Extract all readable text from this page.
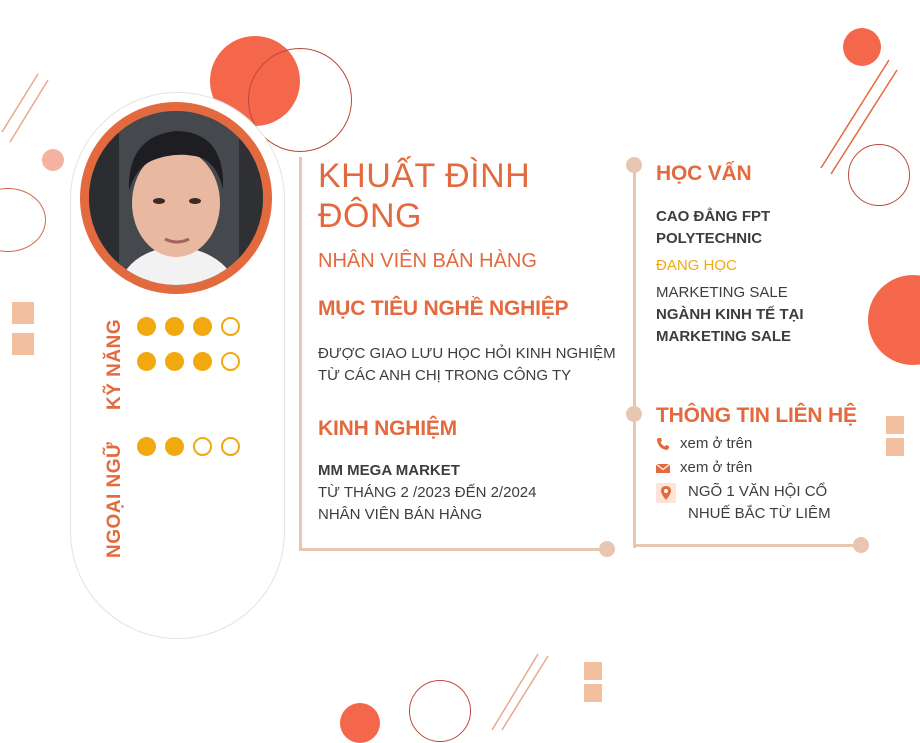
KỸ NĂNG
NGOẠI NGỮ
KHUẤT ĐÌNH
ĐÔNG
NHÂN VIÊN BÁN HÀNG
MỤC TIÊU NGHỀ NGHIỆP
ĐƯỢC GIAO LƯU HỌC HỎI KINH NGHIỆM
TỪ CÁC ANH CHỊ TRONG CÔNG TY
KINH NGHIỆM
MM MEGA MARKET
TỪ THÁNG 2 /2023 ĐẾN 2/2024
NHÂN VIÊN BÁN HÀNG
HỌC VẤN
CAO ĐẲNG FPT
POLYTECHNIC
ĐANG HỌC
MARKETING SALE
NGÀNH KINH TẾ TẠI
MARKETING SALE
THÔNG TIN LIÊN HỆ
xem ở trên
xem ở trên
NGÕ 1 VĂN HỘI CỔ
NHUẾ BẮC TỪ LIÊM
